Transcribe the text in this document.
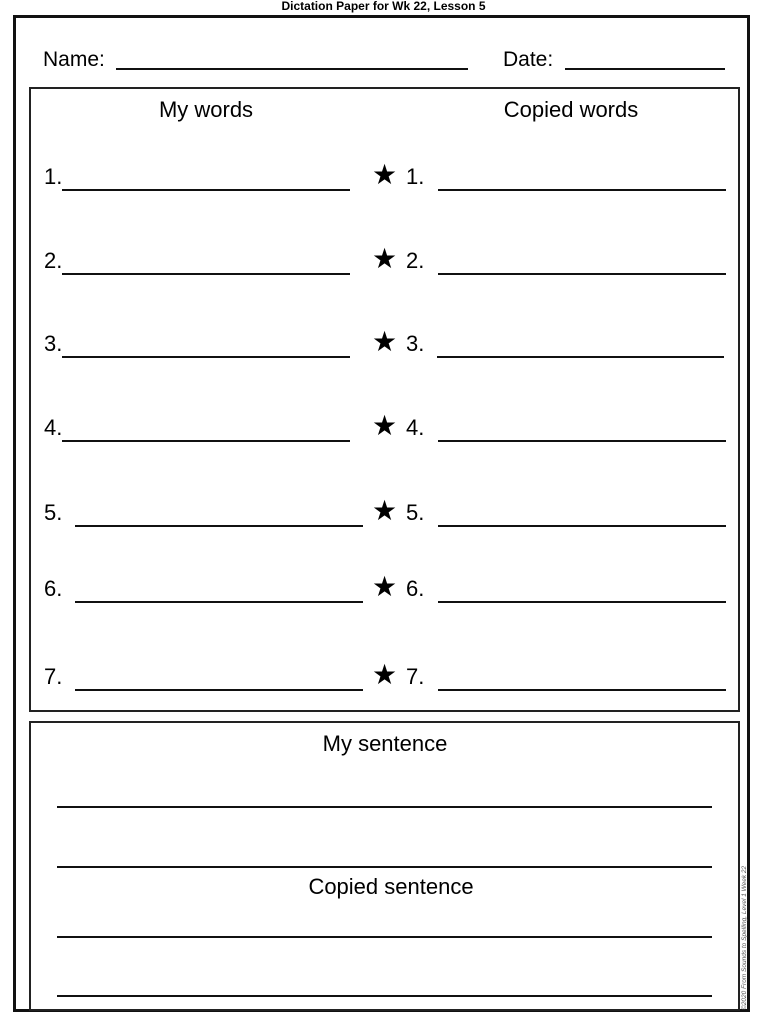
Dictation Paper for Wk 22, Lesson 5
Name:	Date:
My words	Copied words
1.	★ 1.
2.	★ 2.
3.	★ 3.
4.	★ 4.
5.	★ 5.
6.	★ 6.
7.	★ 7.
My sentence
Copied sentence	©2020 From Sounds to Spelling, Level 1 Week 22
